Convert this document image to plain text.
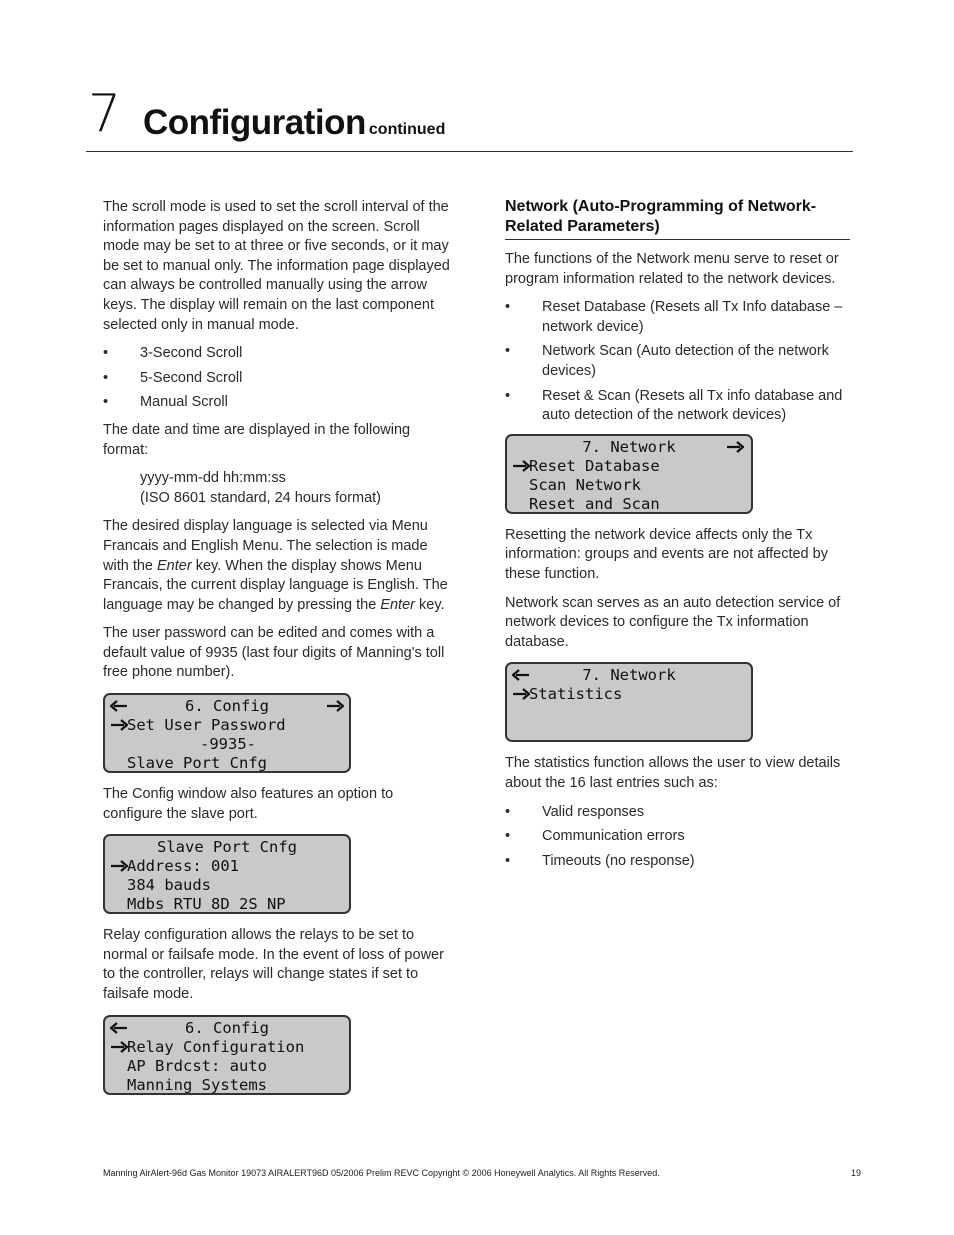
7 Configuration continued

The scroll mode is used to set the scroll interval of the information pages displayed on the screen. Scroll mode may be set to at three or five seconds, or it may be set to manual only. The information page displayed can always be controlled manually using the arrow keys. The display will remain on the last component selected only in manual mode.

• 3-Second Scroll
• 5-Second Scroll
• Manual Scroll

The date and time are displayed in the following format:

yyyy-mm-dd hh:mm:ss
(ISO 8601 standard, 24 hours format)

The desired display language is selected via Menu Francais and English Menu. The selection is made with the Enter key. When the display shows Menu Francais, the current display language is English. The language may be changed by pressing the Enter key.

The user password can be edited and comes with a default value of 9935 (last four digits of Manning's toll free phone number).

6. Config
Set User Password
-9935-
Slave Port Cnfg

The Config window also features an option to configure the slave port.

Slave Port Cnfg
Address: 001
384 bauds
Mdbs RTU 8D 2S NP

Relay configuration allows the relays to be set to normal or failsafe mode. In the event of loss of power to the controller, relays will change states if set to failsafe mode.

6. Config
Relay Configuration
AP Brdcst: auto
Manning Systems
Network (Auto-Programming of Network-Related Parameters)

The functions of the Network menu serve to reset or program information related to the network devices.

• Reset Database (Resets all Tx Info database – network device)
• Network Scan (Auto detection of the network devices)
• Reset & Scan (Resets all Tx info database and auto detection of the network devices)
7. Network
Reset Database
Scan Network
Reset and Scan

Resetting the network device affects only the Tx information: groups and events are not affected by these function.

Network scan serves as an auto detection service of network devices to configure the Tx information database.

7. Network
Statistics

The statistics function allows the user to view details about the 16 last entries such as:

• Valid responses
• Communication errors
• Timeouts (no response)
Manning AirAlert-96d Gas Monitor 19073 AIRALERT96D 05/2006 Prelim REVC Copyright © 2006 Honeywell Analytics. All Rights Reserved.	19
